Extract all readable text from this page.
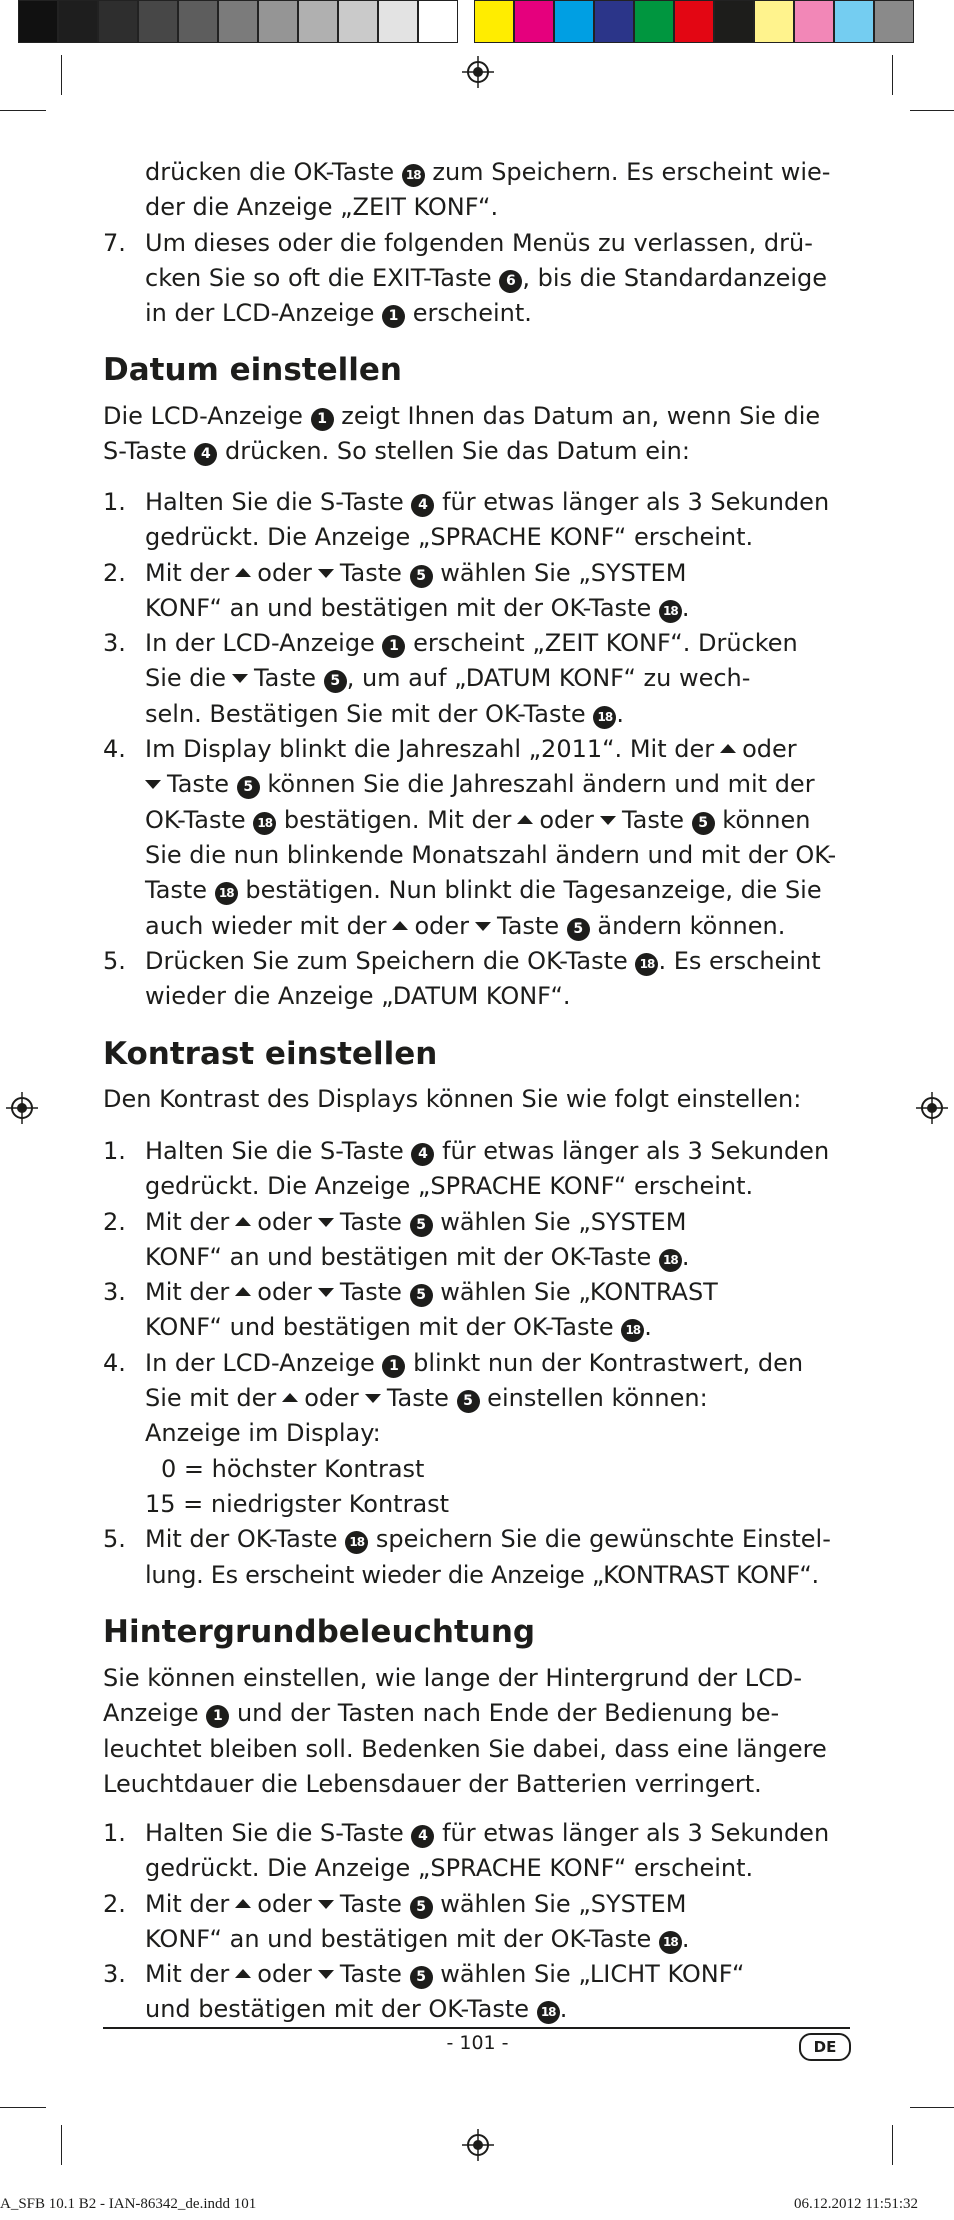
drücken die OK-Taste 18 zum Speichern. Es erscheint wie-
der die Anzeige „ZEIT KONF“.
7. Um dieses oder die folgenden Menüs zu verlassen, drü-
cken Sie so oft die EXIT-Taste 6 , bis die Standardanzeige
in der LCD-Anzeige 1 erscheint.
Datum einstellen

Die LCD-Anzeige 1 zeigt Ihnen das Datum an, wenn Sie die
S-Taste 4 drücken. So stellen Sie das Datum ein:

1. Halten Sie die S-Taste 4 für etwas länger als 3 Sekunden
gedrückt. Die Anzeige „SPRACHE KONF“ erscheint.
2. Mit der oder Taste 5 wählen Sie „SYSTEM
KONF“ an und bestätigen mit der OK-Taste 18 .
3. In der LCD-Anzeige 1 erscheint „ZEIT KONF“. Drücken
Sie die Taste 5 , um auf „DATUM KONF“ zu wech-
seln. Bestätigen Sie mit der OK-Taste 18 .
4. Im Display blinkt die Jahreszahl „2011“. Mit der oder
Taste 5 können Sie die Jahreszahl ändern und mit der
OK-Taste 18 bestätigen. Mit der oder Taste 5 können
Sie die nun blinkende Monatszahl ändern und mit der OK-
Taste 18 bestätigen. Nun blinkt die Tagesanzeige, die Sie
auch wieder mit der oder Taste 5 ändern können.
5. Drücken Sie zum Speichern die OK-Taste 18 . Es erscheint
wieder die Anzeige „DATUM KONF“.
Kontrast einstellen

Den Kontrast des Displays können Sie wie folgt einstellen:

1. Halten Sie die S-Taste 4 für etwas länger als 3 Sekunden
gedrückt. Die Anzeige „SPRACHE KONF“ erscheint.
2. Mit der oder Taste 5 wählen Sie „SYSTEM
KONF“ an und bestätigen mit der OK-Taste 18 .
3. Mit der oder Taste 5 wählen Sie „KONTRAST
KONF“ und bestätigen mit der OK-Taste 18 .
4. In der LCD-Anzeige 1 blinkt nun der Kontrastwert, den
Sie mit der oder Taste 5 einstellen können:
Anzeige im Display:

0 = höchster Kontrast
15 = niedrigster Kontrast
5. Mit der OK-Taste 18 speichern Sie die gewünschte Einstel-
lung. Es erscheint wieder die Anzeige „KONTRAST KONF“.
Hintergrundbeleuchtung

Sie können einstellen, wie lange der Hintergrund der LCD-
Anzeige 1 und der Tasten nach Ende der Bedienung be-
leuchtet bleiben soll. Bedenken Sie dabei, dass eine längere
Leuchtdauer die Lebensdauer der Batterien verringert.

1. Halten Sie die S-Taste 4 für etwas länger als 3 Sekunden
gedrückt. Die Anzeige „SPRACHE KONF“ erscheint.
2. Mit der oder Taste 5 wählen Sie „SYSTEM
KONF“ an und bestätigen mit der OK-Taste 18 .
3. Mit der oder Taste 5 wählen Sie „LICHT KONF“
und bestätigen mit der OK-Taste 18 .
- 101 -	DE
A_SFB 10.1 B2 - IAN-86342_de.indd 101	06.12.2012 11:51:32
